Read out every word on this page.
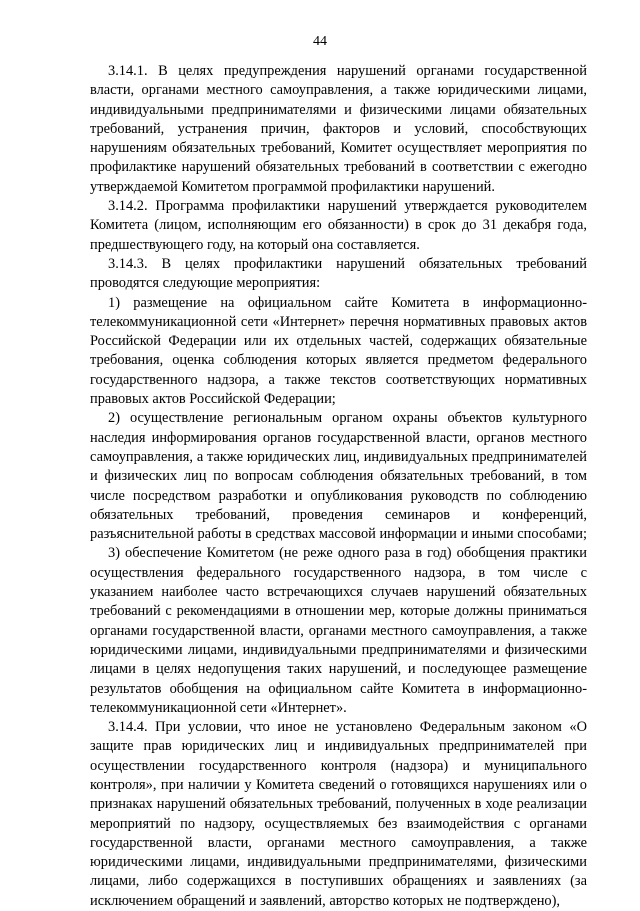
44

3.14.1. В целях предупреждения нарушений органами государственной власти, органами местного самоуправления, а также юридическими лицами, индивидуальными предпринимателями и физическими лицами обязательных требований, устранения причин, факторов и условий, способствующих нарушениям обязательных требований, Комитет осуществляет мероприятия по профилактике нарушений обязательных требований в соответствии с ежегодно утверждаемой Комитетом программой профилактики нарушений.

3.14.2. Программа профилактики нарушений утверждается руководителем Комитета (лицом, исполняющим его обязанности) в срок до 31 декабря года, предшествующего году, на который она составляется.

3.14.3. В целях профилактики нарушений обязательных требований проводятся следующие мероприятия:

1) размещение на официальном сайте Комитета в информационно-телекоммуникационной сети «Интернет» перечня нормативных правовых актов Российской Федерации или их отдельных частей, содержащих обязательные требования, оценка соблюдения которых является предметом федерального государственного надзора, а также текстов соответствующих нормативных правовых актов Российской Федерации;

2) осуществление региональным органом охраны объектов культурного наследия информирования органов государственной власти, органов местного самоуправления, а также юридических лиц, индивидуальных предпринимателей и физических лиц по вопросам соблюдения обязательных требований, в том числе посредством разработки и опубликования руководств по соблюдению обязательных требований, проведения семинаров и конференций, разъяснительной работы в средствах массовой информации и иными способами;

3) обеспечение Комитетом (не реже одного раза в год) обобщения практики осуществления федерального государственного надзора, в том числе с указанием наиболее часто встречающихся случаев нарушений обязательных требований с рекомендациями в отношении мер, которые должны приниматься органами государственной власти, органами местного самоуправления, а также юридическими лицами, индивидуальными предпринимателями и физическими лицами в целях недопущения таких нарушений, и последующее размещение результатов обобщения на официальном сайте Комитета в информационно-телекоммуникационной сети «Интернет».

3.14.4. При условии, что иное не установлено Федеральным законом «О защите прав юридических лиц и индивидуальных предпринимателей при осуществлении государственного контроля (надзора) и муниципального контроля», при наличии у Комитета сведений о готовящихся нарушениях или о признаках нарушений обязательных требований, полученных в ходе реализации мероприятий по надзору, осуществляемых без взаимодействия с органами государственной власти, органами местного самоуправления, а также юридическими лицами, индивидуальными предпринимателями, физическими лицами, либо содержащихся в поступивших обращениях и заявлениях (за исключением обращений и заявлений, авторство которых не подтверждено),
